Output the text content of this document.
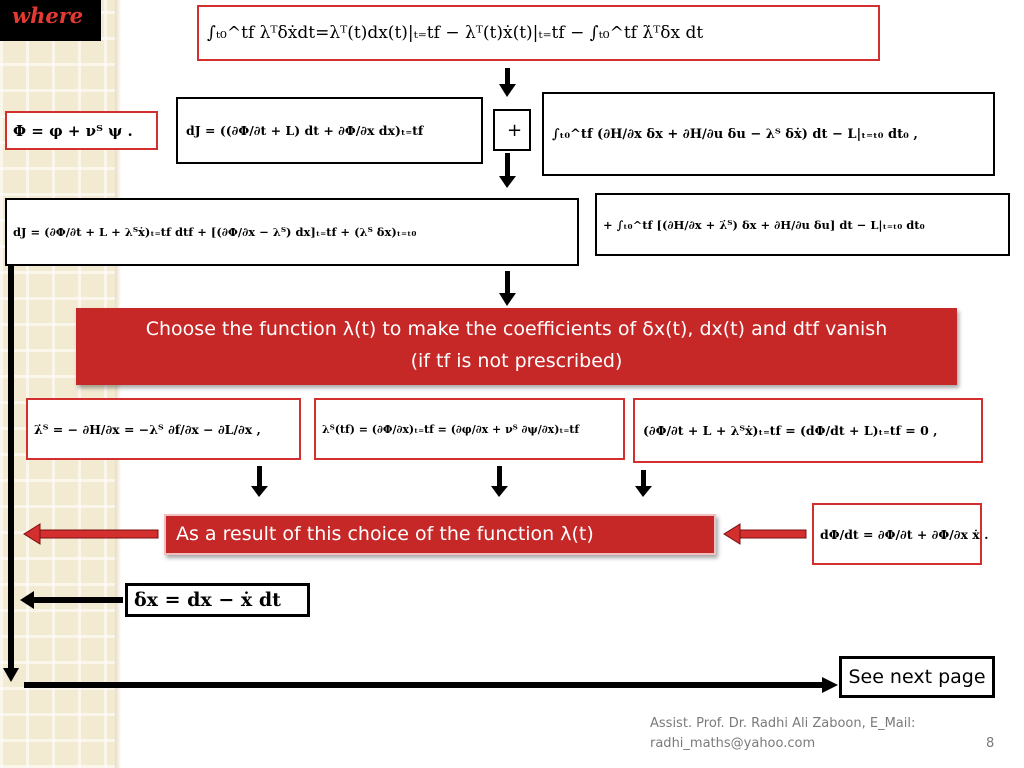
where
∫ₜ₀^tf λᵀδẋdt=λᵀ(t)dx(t)|ₜ₌tf − λᵀ(t)ẋ(t)|ₜ₌tf − ∫ₜ₀^tf λ̇ᵀδx dt
Φ = φ + νᵀ ψ .	dJ = ((∂Φ/∂t + L) dt + ∂Φ/∂x dx)ₜ₌tf	+ ∫ₜ₀^tf (∂H/∂x δx + ∂H/∂u δu − λᵀ δẋ) dt − L|ₜ₌ₜ₀ dt₀ ,
dJ = (∂Φ/∂t + L + λᵀẋ)ₜ₌tf dtf + [(∂Φ/∂x − λᵀ) dx]ₜ₌tf + (λᵀ δx)ₜ₌ₜ₀
+ ∫ₜ₀^tf [(∂H/∂x + λ̇ᵀ) δx + ∂H/∂u δu] dt − L|ₜ₌ₜ₀ dt₀
Choose the function λ(t) to make the coefficients of δx(t), dx(t) and dtf vanish
(if tf is not prescribed)
λ̇ᵀ = − ∂H/∂x = −λᵀ ∂f/∂x − ∂L/∂x ,	λᵀ(tf) = (∂Φ/∂x)ₜ₌tf = (∂φ/∂x + νᵀ ∂ψ/∂x)ₜ₌tf	(∂Φ/∂t + L + λᵀẋ)ₜ₌tf = (dΦ/dt + L)ₜ₌tf = 0 ,
As a result of this choice of the function λ(t)	dΦ/dt = ∂Φ/∂t + ∂Φ/∂x ẋ .
δx = dx − ẋ dt
See next page
Assist. Prof. Dr. Radhi Ali Zaboon, E_Mail:
radhi_maths@yahoo.com	8
